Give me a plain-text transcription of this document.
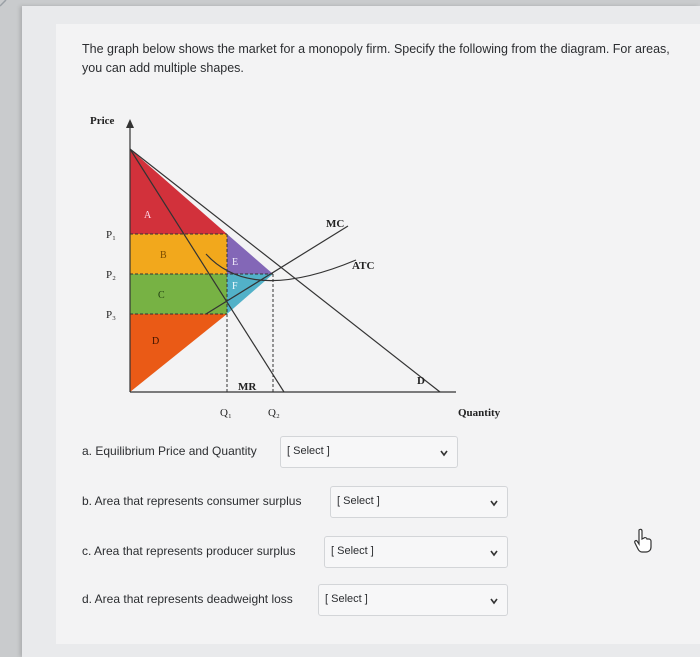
The graph below shows the market for a monopoly firm. Specify the following from the diagram. For areas, you can add multiple shapes.
Price
Quantity
P₁
P₂
P₃
Q₁	Q₂
MC
ATC
MR	D
A
B
C
D
E
F
a. Equilibrium Price and Quantity	[ Select ]
b. Area that represents consumer surplus	[ Select ]
c. Area that represents producer surplus	[ Select ]
d. Area that represents deadweight loss	[ Select ]
